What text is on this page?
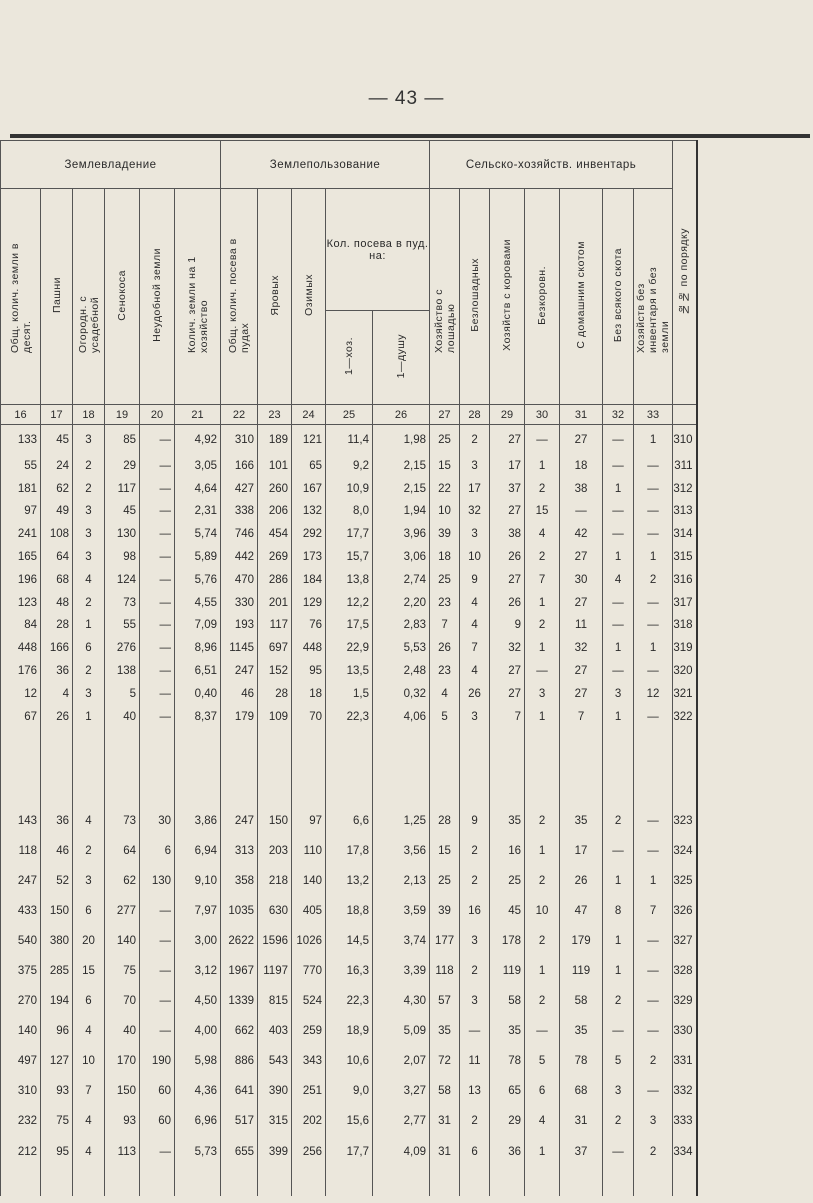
— 43 —
Землевладение						Землепользование					Сельско-хозяйств. инвентарь							№№ по порядку
Общ. колич. земли в десят.	Пашни	Огородн. с усадебной	Сенокоса	Неудобной земли	Колич. земли на 1 хозяйство	Общ. колич. посева в пудах	Яровых	Озимых	Кол. посева в пуд. на:		Хозяйство с лошадью	Безлошадных	Хозяйств с коровами	Безкоровн.	С домашним скотом	Без всякого скота	Хозяйств без инвентаря и без земли	
									1—хоз.	1—душу								
16	17	18	19	20	21	22	23	24	25	26	27	28	29	30	31	32	33	
133	45	3	85	—	4,92	310	189	121	11,4	1,98	25	2	27	—	27	—	1	310
55	24	2	29	—	3,05	166	101	65	9,2	2,15	15	3	17	1	18	—	—	311
181	62	2	117	—	4,64	427	260	167	10,9	2,15	22	17	37	2	38	1	—	312
97	49	3	45	—	2,31	338	206	132	8,0	1,94	10	32	27	15	—	—	—	313
241	108	3	130	—	5,74	746	454	292	17,7	3,96	39	3	38	4	42	—	—	314
165	64	3	98	—	5,89	442	269	173	15,7	3,06	18	10	26	2	27	1	1	315
196	68	4	124	—	5,76	470	286	184	13,8	2,74	25	9	27	7	30	4	2	316
123	48	2	73	—	4,55	330	201	129	12,2	2,20	23	4	26	1	27	—	—	317
84	28	1	55	—	7,09	193	117	76	17,5	2,83	7	4	9	2	11	—	—	318
448	166	6	276	—	8,96	1145	697	448	22,9	5,53	26	7	32	1	32	1	1	319
176	36	2	138	—	6,51	247	152	95	13,5	2,48	23	4	27	—	27	—	—	320
12	4	3	5	—	0,40	46	28	18	1,5	0,32	4	26	27	3	27	3	12	321
67	26	1	40	—	8,37	179	109	70	22,3	4,06	5	3	7	1	7	1	—	322

143	36	4	73	30	3,86	247	150	97	6,6	1,25	28	9	35	2	35	2	—	323
118	46	2	64	6	6,94	313	203	110	17,8	3,56	15	2	16	1	17	—	—	324
247	52	3	62	130	9,10	358	218	140	13,2	2,13	25	2	25	2	26	1	1	325
433	150	6	277	—	7,97	1035	630	405	18,8	3,59	39	16	45	10	47	8	7	326
540	380	20	140	—	3,00	2622	1596	1026	14,5	3,74	177	3	178	2	179	1	—	327
375	285	15	75	—	3,12	1967	1197	770	16,3	3,39	118	2	119	1	119	1	—	328
270	194	6	70	—	4,50	1339	815	524	22,3	4,30	57	3	58	2	58	2	—	329
140	96	4	40	—	4,00	662	403	259	18,9	5,09	35	—	35	—	35	—	—	330
497	127	10	170	190	5,98	886	543	343	10,6	2,07	72	11	78	5	78	5	2	331
310	93	7	150	60	4,36	641	390	251	9,0	3,27	58	13	65	6	68	3	—	332
232	75	4	93	60	6,96	517	315	202	15,6	2,77	31	2	29	4	31	2	3	333
212	95	4	113	—	5,73	655	399	256	17,7	4,09	31	6	36	1	37	—	2	334
